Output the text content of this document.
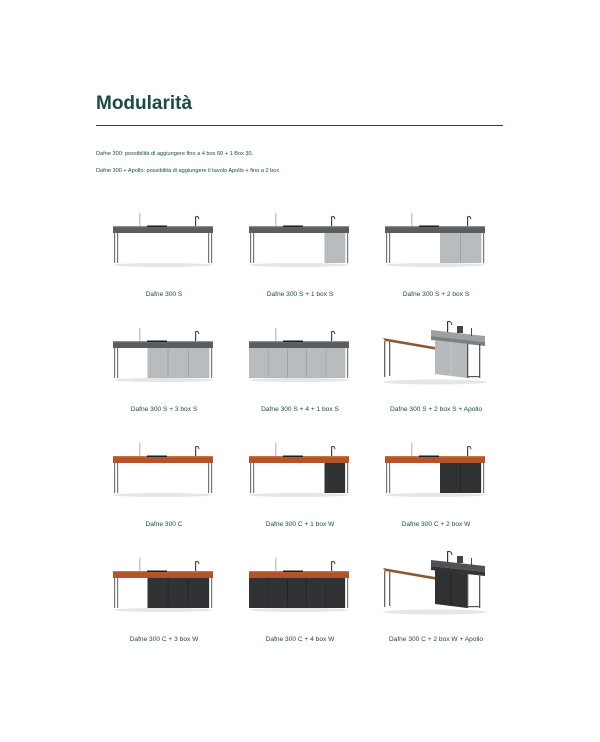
Modularità

Dafne 300: possibilità di aggiungere fino a 4 box 60 + 1 Box 30.

Dafne 300 + Apollo: possibilità di aggiungere il tavolo Apollo + fino a 2 box

Dafne 300 S	Dafne 300 S + 1 box S	Dafne 300 S + 2 box S
Dafne 300 S + 3 box S	Dafne 300 S + 4 + 1 box S	Dafne 300 S + 2 box S + Apollo
Dafne 300 C	Dafne 300 C + 1 box W	Dafne 300 C + 2 box W
Dafne 300 C + 3 box W	Dafne 300 C + 4 box W	Dafne 300 C + 2 box W + Apollo
